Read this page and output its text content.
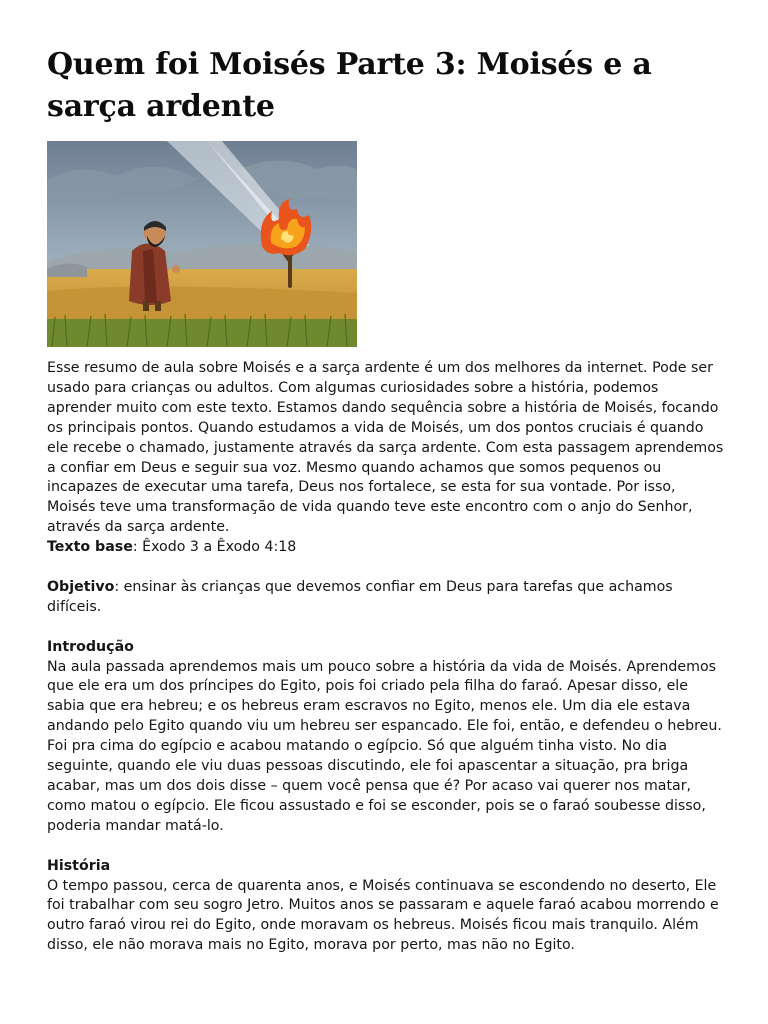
Quem foi Moisés Parte 3: Moisés e a sarça ardente

Esse resumo de aula sobre Moisés e a sarça ardente é um dos melhores da internet. Pode ser usado para crianças ou adultos. Com algumas curiosidades sobre a história, podemos aprender muito com este texto. Estamos dando sequência sobre a história de Moisés, focando os principais pontos. Quando estudamos a vida de Moisés, um dos pontos cruciais é quando ele recebe o chamado, justamente através da sarça ardente. Com esta passagem aprendemos a confiar em Deus e seguir sua voz. Mesmo quando achamos que somos pequenos ou incapazes de executar uma tarefa, Deus nos fortalece, se esta for sua vontade. Por isso, Moisés teve uma transformação de vida quando teve este encontro com o anjo do Senhor, através da sarça ardente.

Texto base: Êxodo 3 a Êxodo 4:18

Objetivo: ensinar às crianças que devemos confiar em Deus para tarefas que achamos difíceis.

Introdução

Na aula passada aprendemos mais um pouco sobre a história da vida de Moisés. Aprendemos que ele era um dos príncipes do Egito, pois foi criado pela filha do faraó. Apesar disso, ele sabia que era hebreu; e os hebreus eram escravos no Egito, menos ele. Um dia ele estava andando pelo Egito quando viu um hebreu ser espancado. Ele foi, então, e defendeu o hebreu. Foi pra cima do egípcio e acabou matando o egípcio. Só que alguém tinha visto. No dia seguinte, quando ele viu duas pessoas discutindo, ele foi apascentar a situação, pra briga acabar, mas um dos dois disse – quem você pensa que é? Por acaso vai querer nos matar, como matou o egípcio. Ele ficou assustado e foi se esconder, pois se o faraó soubesse disso, poderia mandar matá-lo.

História

O tempo passou, cerca de quarenta anos, e Moisés continuava se escondendo no deserto, Ele foi trabalhar com seu sogro Jetro. Muitos anos se passaram e aquele faraó acabou morrendo e outro faraó virou rei do Egito, onde moravam os hebreus. Moisés ficou mais tranquilo. Além disso, ele não morava mais no Egito, morava por perto, mas não no Egito.
